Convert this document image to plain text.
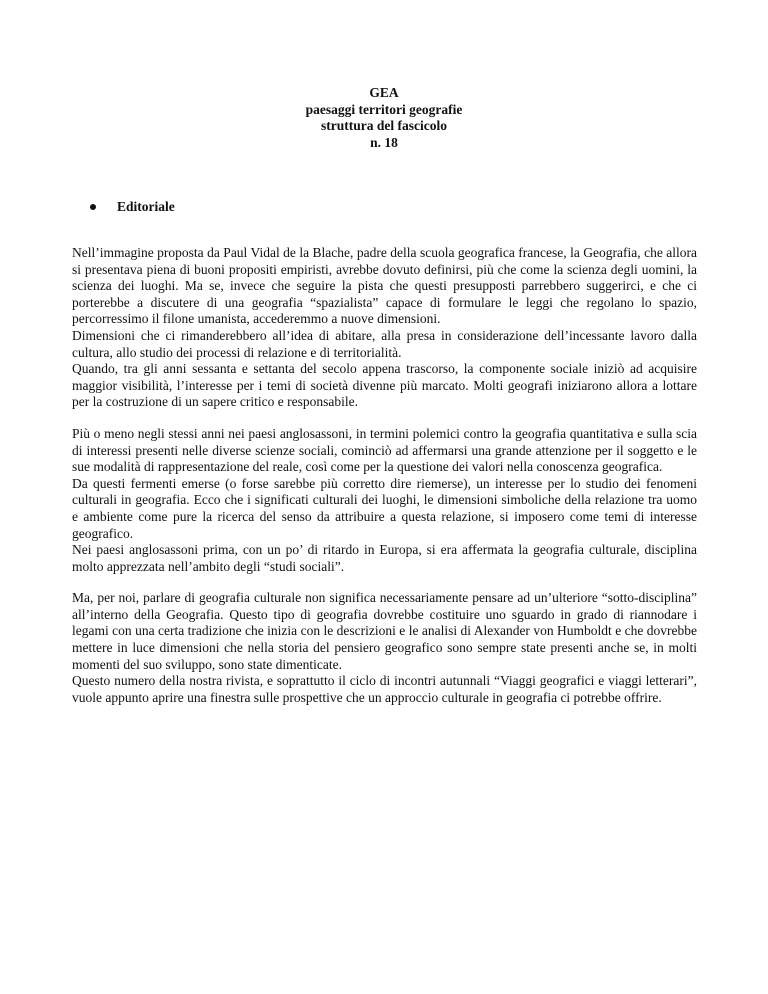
GEA
paesaggi territori geografie
struttura del fascicolo
n. 18
Editoriale

Nell’immagine proposta da Paul Vidal de la Blache, padre della scuola geografica francese, la Geografia, che allora si presentava piena di buoni propositi empiristi, avrebbe dovuto definirsi, più che come la scienza degli uomini, la scienza dei luoghi. Ma se, invece che seguire la pista che questi presupposti parrebbero suggerirci, e che ci porterebbe a discutere di una geografia “spazialista” capace di formulare le leggi che regolano lo spazio, percorressimo il filone umanista, accederemmo a nuove dimensioni.

Dimensioni che ci rimanderebbero all’idea di abitare, alla presa in considerazione dell’incessante lavoro dalla cultura, allo studio dei processi di relazione e di territorialità.

Quando, tra gli anni sessanta e settanta del secolo appena trascorso, la componente sociale iniziò ad acquisire maggior visibilità, l’interesse per i temi di società divenne più marcato. Molti geografi iniziarono allora a lottare per la costruzione di un sapere critico e responsabile.

Più o meno negli stessi anni nei paesi anglosassoni, in termini polemici contro la geografia quantitativa e sulla scia di interessi presenti nelle diverse scienze sociali, cominciò ad affermarsi una grande attenzione per il soggetto e le sue modalità di rappresentazione del reale, così come per la questione dei valori nella conoscenza geografica.

Da questi fermenti emerse (o forse sarebbe più corretto dire riemerse), un interesse per lo studio dei fenomeni culturali in geografia. Ecco che i significati culturali dei luoghi, le dimensioni simboliche della relazione tra uomo e ambiente come pure la ricerca del senso da attribuire a questa relazione, si imposero come temi di interesse geografico.

Nei paesi anglosassoni prima, con un po’ di ritardo in Europa, si era affermata la geografia culturale, disciplina molto apprezzata nell’ambito degli “studi sociali”.

Ma, per noi, parlare di geografia culturale non significa necessariamente pensare ad un’ulteriore “sotto-disciplina” all’interno della Geografia. Questo tipo di geografia dovrebbe costituire uno sguardo in grado di riannodare i legami con una certa tradizione che inizia con le descrizioni e le analisi di Alexander von Humboldt e che dovrebbe mettere in luce dimensioni che nella storia del pensiero geografico sono sempre state presenti anche se, in molti momenti del suo sviluppo, sono state dimenticate.

Questo numero della nostra rivista, e soprattutto il ciclo di incontri autunnali “Viaggi geografici e viaggi letterari”, vuole appunto aprire una finestra sulle prospettive che un approccio culturale in geografia ci potrebbe offrire.
